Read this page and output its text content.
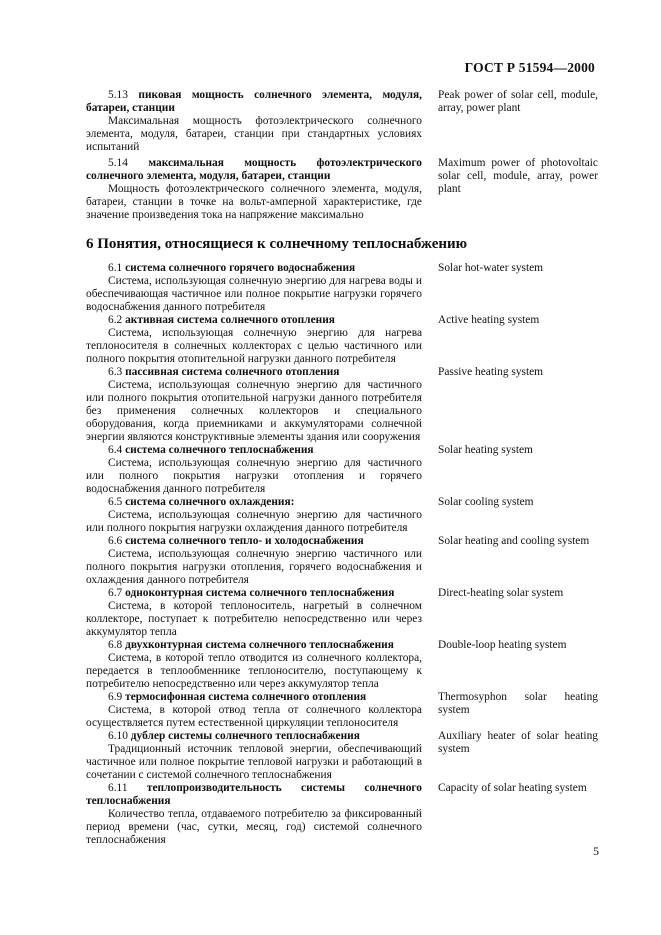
ГОСТ Р 51594—2000
5.13 пиковая мощность солнечного элемента, модуля, батареи, станции
Максимальная мощность фотоэлектрического солнечного элемента, модуля, батареи, станции при стандартных условиях испытаний
Peak power of solar cell, module, array, power plant
5.14 максимальная мощность фотоэлектрического солнечного элемента, модуля, батареи, станции
Мощность фотоэлектрического солнечного элемента, модуля, батареи, станции в точке на вольт-амперной характеристике, где значение произведения тока на напряжение максимально
Maximum power of photovoltaic solar cell, module, array, power plant
6 Понятия, относящиеся к солнечному теплоснабжению
6.1 система солнечного горячего водоснабжения
Система, использующая солнечную энергию для нагрева воды и обеспечивающая частичное или полное покрытие нагрузки горячего водоснабжения данного потребителя
Solar hot-water system
6.2 активная система солнечного отопления
Система, использующая солнечную энергию для нагрева теплоносителя в солнечных коллекторах с целью частичного или полного покрытия отопительной нагрузки данного потребителя
Active heating system
6.3 пассивная система солнечного отопления
Система, использующая солнечную энергию для частичного или полного покрытия отопительной нагрузки данного потребителя без применения солнечных коллекторов и специального оборудования, когда приемниками и аккумуляторами солнечной энергии являются конструктивные элементы здания или сооружения
Passive heating system
6.4 система солнечного теплоснабжения
Система, использующая солнечную энергию для частичного или полного покрытия нагрузки отопления и горячего водоснабжения данного потребителя
Solar heating system
6.5 система солнечного охлаждения:
Система, использующая солнечную энергию для частичного или полного покрытия нагрузки охлаждения данного потребителя
Solar cooling system
6.6 система солнечного тепло- и холодоснабжения
Система, использующая солнечную энергию частичного или полного покрытия нагрузки отопления, горячего водоснабжения и охлаждения данного потребителя
Solar heating and cooling system
6.7 одноконтурная система солнечного теплоснабжения
Система, в которой теплоноситель, нагретый в солнечном коллекторе, поступает к потребителю непосредственно или через аккумулятор тепла
Direct-heating solar system
6.8 двухконтурная система солнечного теплоснабжения
Система, в которой тепло отводится из солнечного коллектора, передается в теплообменнике теплоносителю, поступающему к потребителю непосредственно или через аккумулятор тепла
Double-loop heating system
6.9 термосифонная система солнечного отопления
Система, в которой отвод тепла от солнечного коллектора осуществляется путем естественной циркуляции теплоносителя
Thermosyphon solar heating system
6.10 дублер системы солнечного теплоснабжения
Традиционный источник тепловой энергии, обеспечивающий частичное или полное покрытие тепловой нагрузки и работающий в сочетании с системой солнечного теплоснабжения
Auxiliary heater of solar heating system
6.11 теплопроизводительность системы солнечного теплоснабжения
Количество тепла, отдаваемого потребителю за фиксированный период времени (час, сутки, месяц, год) системой солнечного теплоснабжения
Capacity of solar heating system
5
